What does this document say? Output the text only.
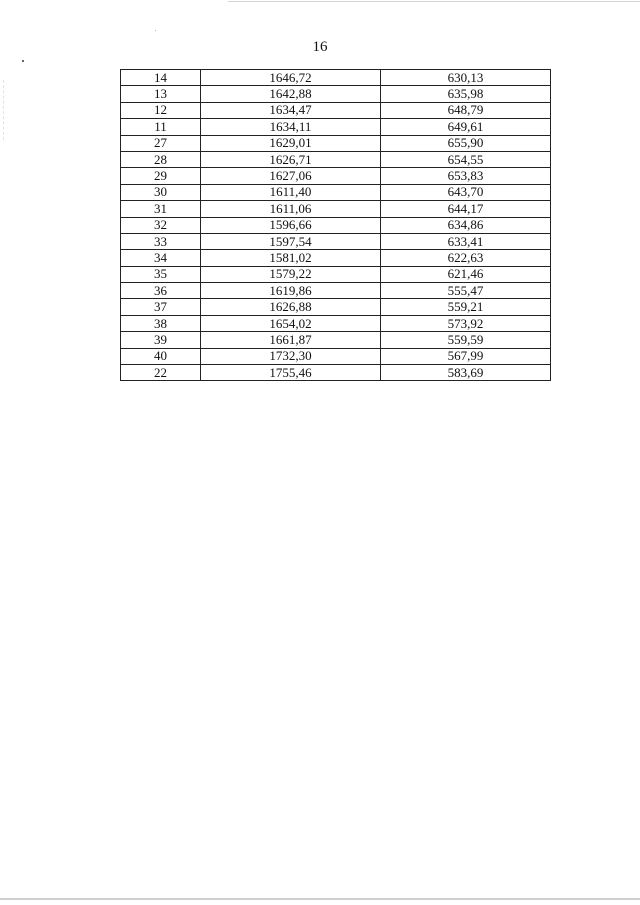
16
14	1646,72	630,13
13	1642,88	635,98
12	1634,47	648,79
11	1634,11	649,61
27	1629,01	655,90
28	1626,71	654,55
29	1627,06	653,83
30	1611,40	643,70
31	1611,06	644,17
32	1596,66	634,86
33	1597,54	633,41
34	1581,02	622,63
35	1579,22	621,46
36	1619,86	555,47
37	1626,88	559,21
38	1654,02	573,92
39	1661,87	559,59
40	1732,30	567,99
22	1755,46	583,69
